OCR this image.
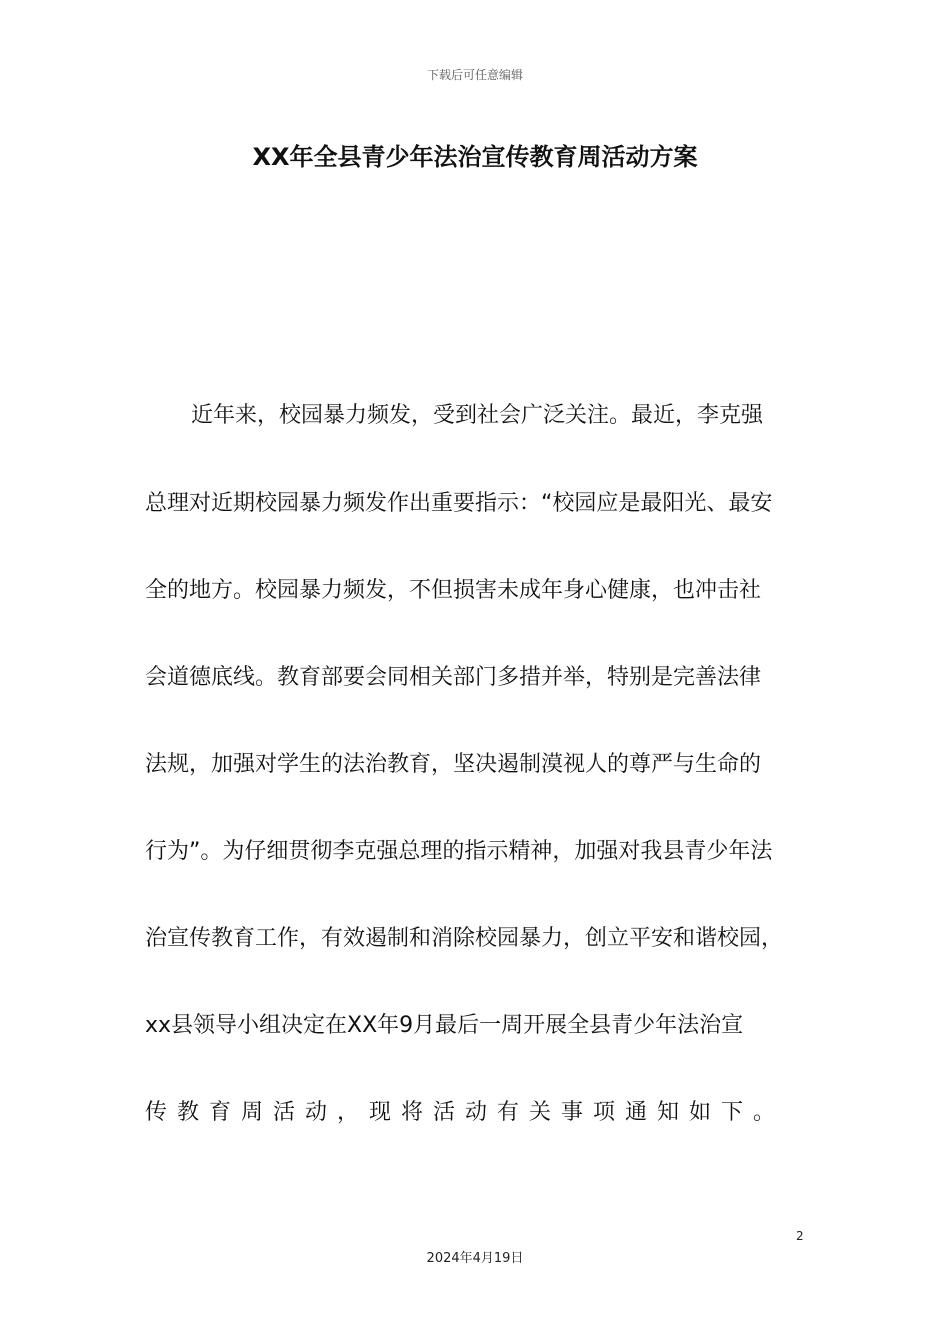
下载后可任意编辑
XX年全县青少年法治宣传教育周活动方案
近年来，校园暴力频发，受到社会广泛关注。最近，李克强
总理对近期校园暴力频发作出重要指示：“校园应是最阳光、最安
全的地方。校园暴力频发，不但损害未成年身心健康，也冲击社
会道德底线。教育部要会同相关部门多措并举，特别是完善法律
法规，加强对学生的法治教育，坚决遏制漠视人的尊严与生命的
行为”。为仔细贯彻李克强总理的指示精神，加强对我县青少年法
治宣传教育工作，有效遏制和消除校园暴力，创立平安和谐校园，
xx县领导小组决定在XX年9月最后一周开展全县青少年法治宣
传教育周活动，现将活动有关事项通知如下。
2
2024年4月19日
